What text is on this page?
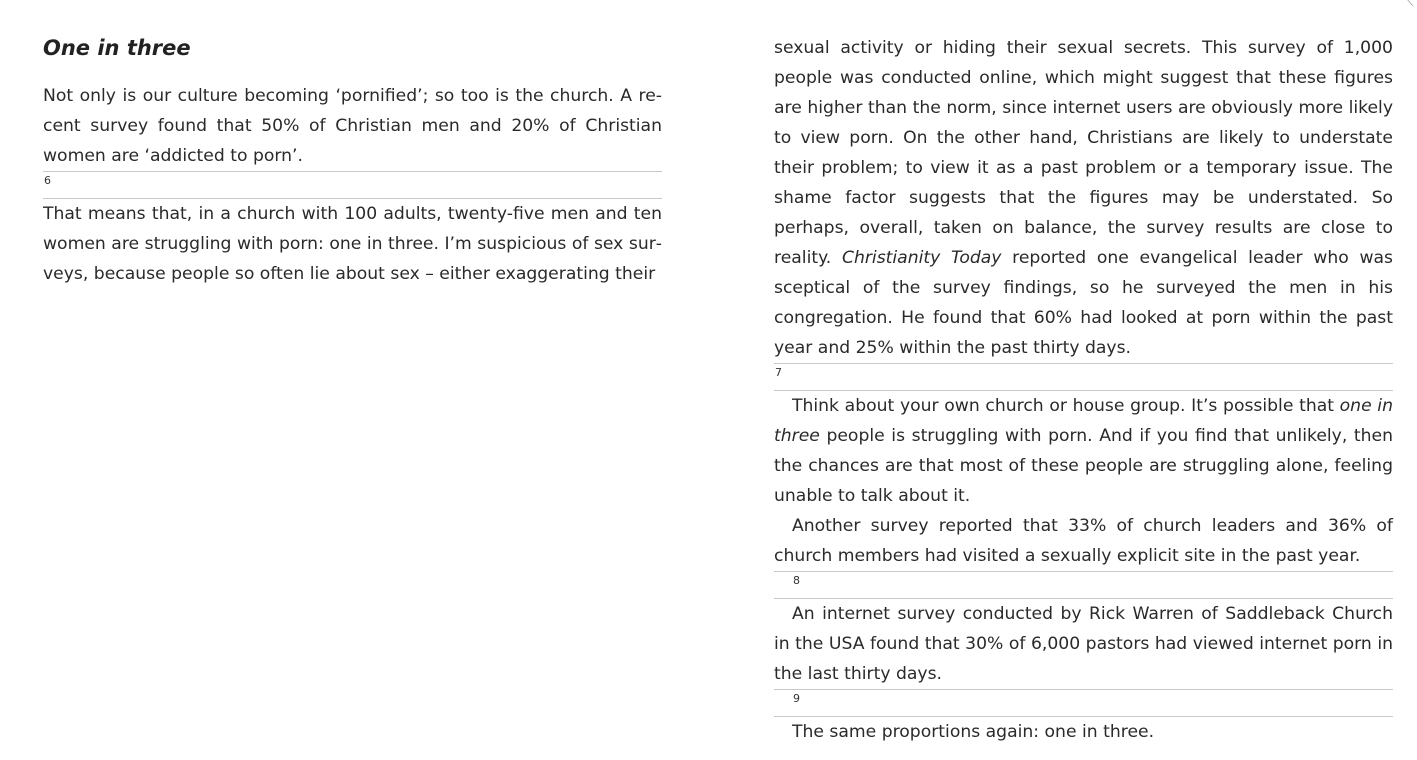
One in three

Not only is our culture becoming ‘pornified’; so too is the church. A recent survey found that 50% of Christian men and 20% of Christian women are ‘addicted to porn’.

6

That means that, in a church with 100 adults, twenty-five men and ten women are struggling with porn: one in three. I’m suspicious of sex surveys, because people so often lie about sex – either exaggerating their

sexual activity or hiding their sexual secrets. This survey of 1,000 people was conducted online, which might suggest that these figures are higher than the norm, since internet users are obviously more likely to view porn. On the other hand, Christians are likely to understate their problem; to view it as a past problem or a temporary issue. The shame factor suggests that the figures may be understated. So perhaps, overall, taken on balance, the survey results are close to reality. Christianity Today reported one evangelical leader who was sceptical of the survey findings, so he surveyed the men in his congregation. He found that 60% had looked at porn within the past year and 25% within the past thirty days.

7

Think about your own church or house group. It’s possible that one in three people is struggling with porn. And if you find that unlikely, then the chances are that most of these people are struggling alone, feeling unable to talk about it.

Another survey reported that 33% of church leaders and 36% of church members had visited a sexually explicit site in the past year.

8

An internet survey conducted by Rick Warren of Saddleback Church in the USA found that 30% of 6,000 pastors had viewed internet porn in the last thirty days.

9

The same proportions again: one in three.

⟍
